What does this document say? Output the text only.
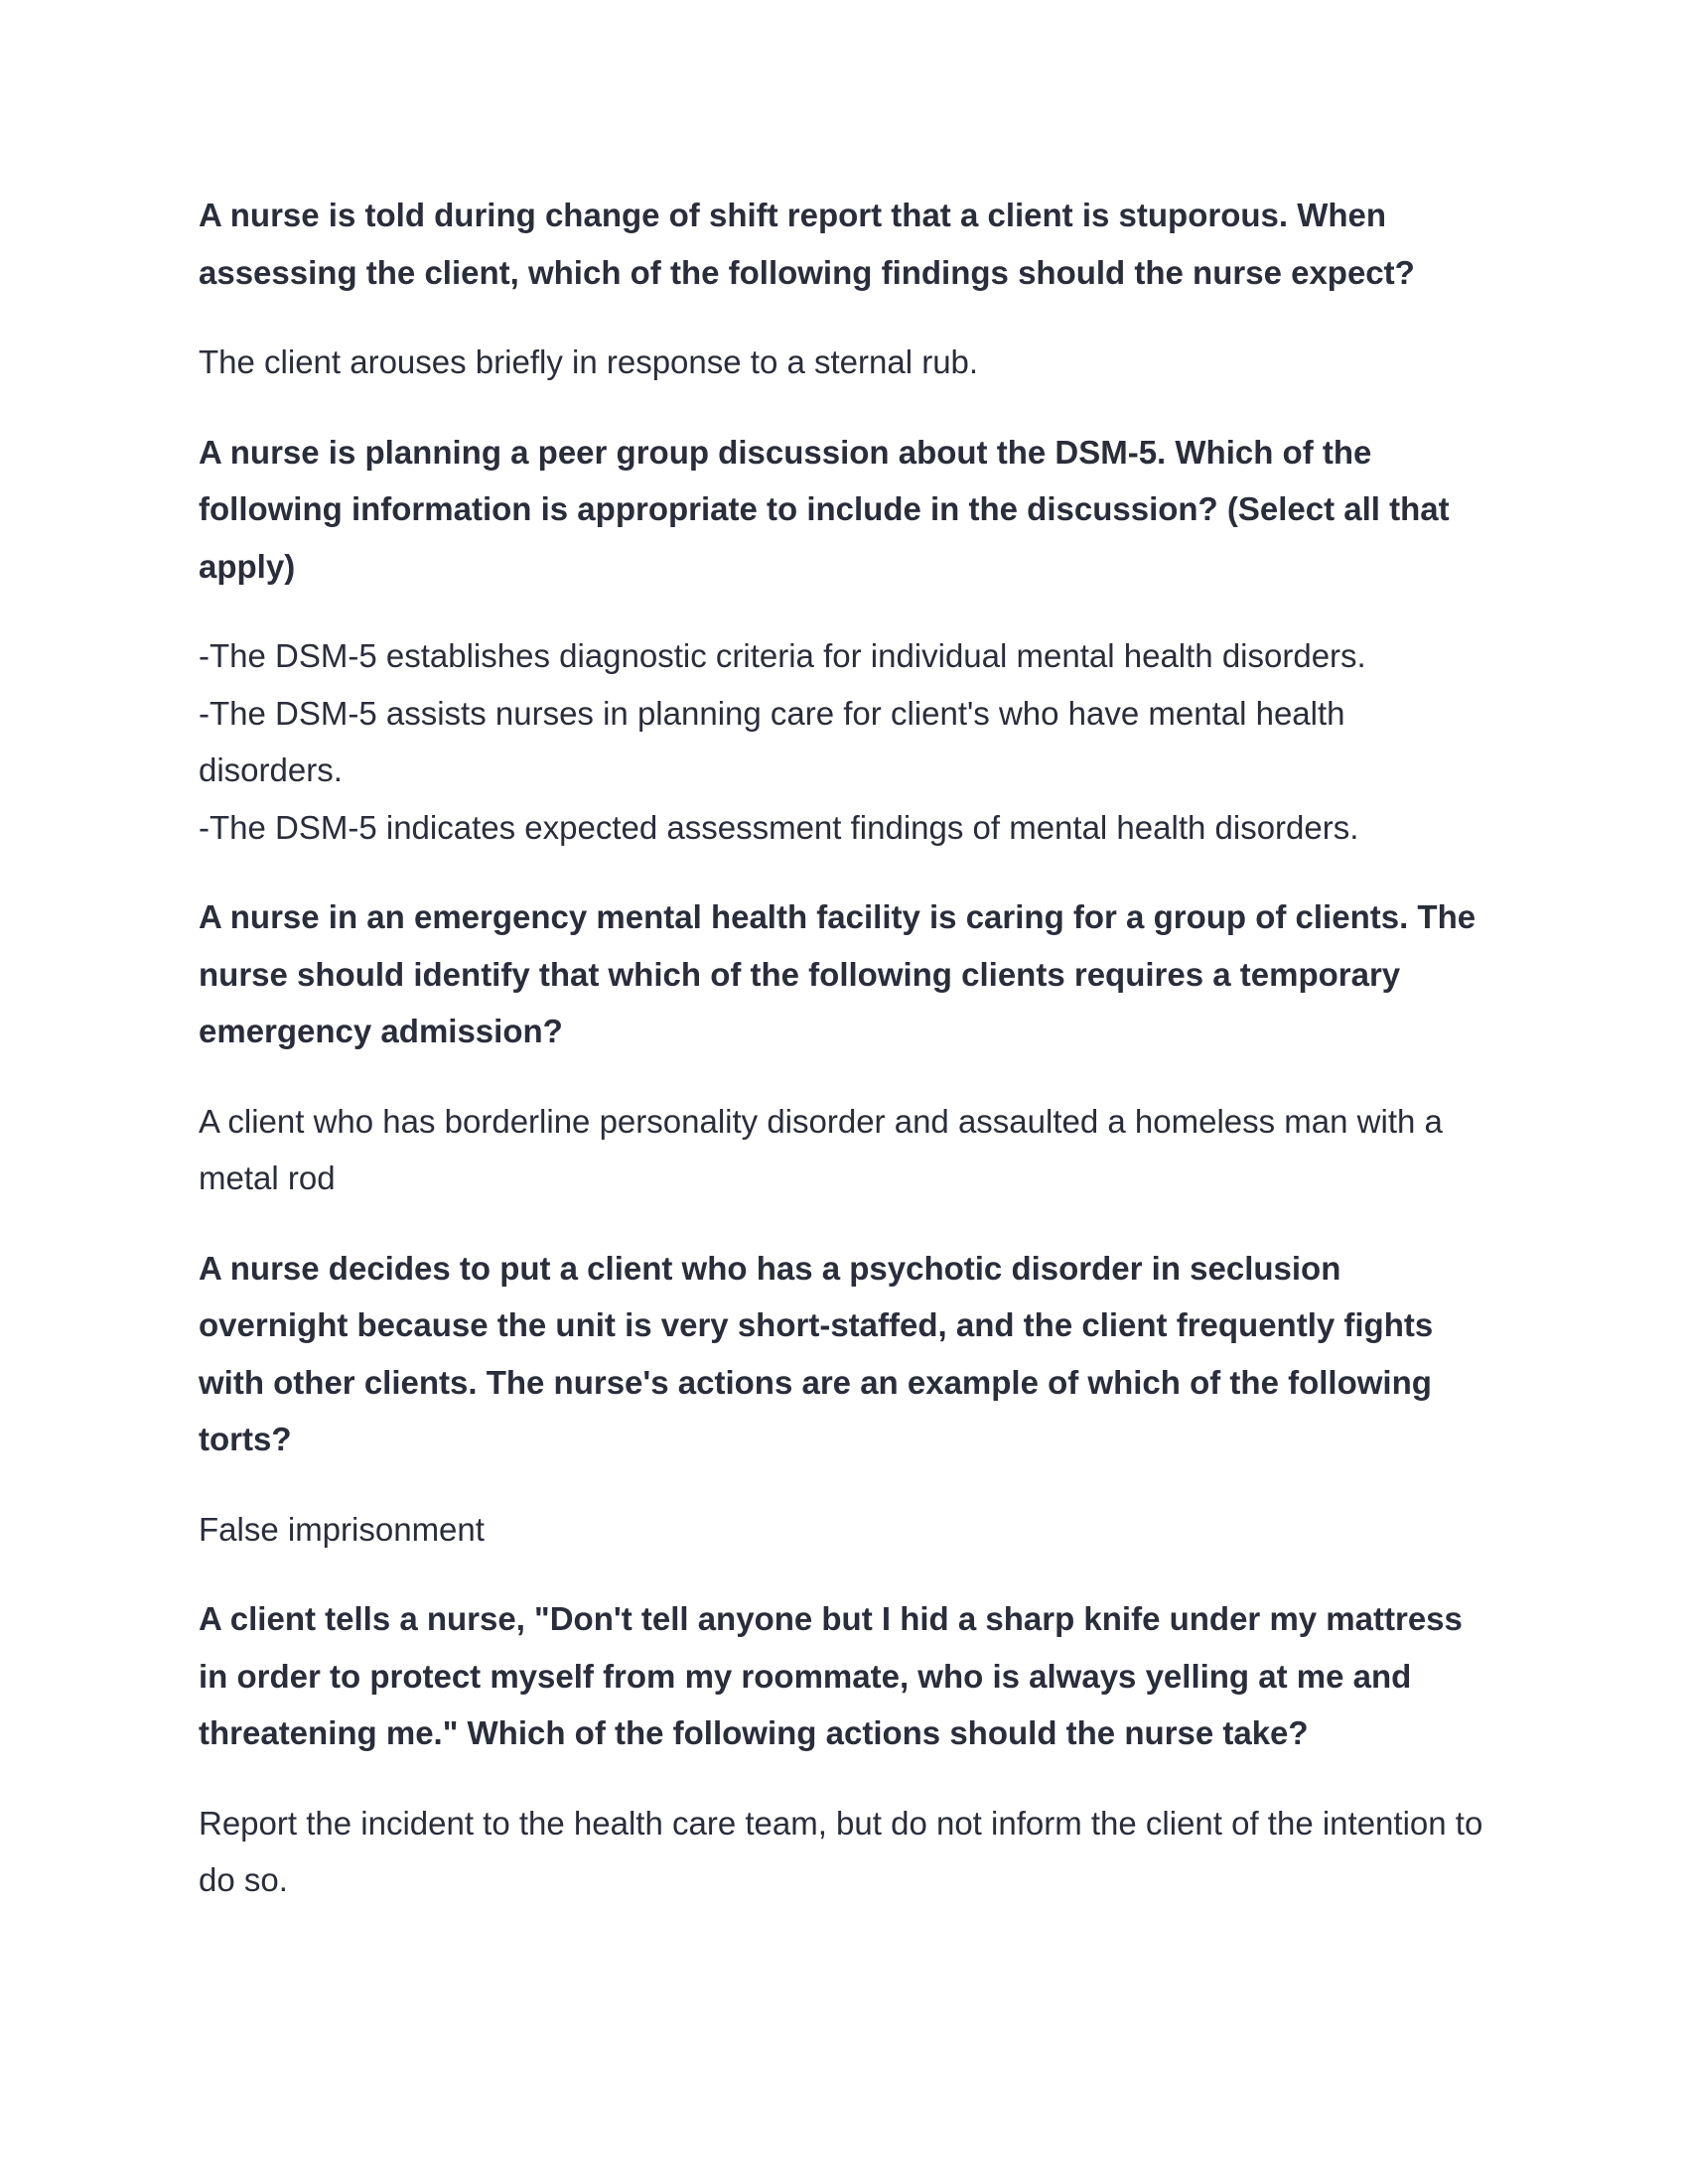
A nurse is told during change of shift report that a client is stuporous. When assessing the client, which of the following findings should the nurse expect?

The client arouses briefly in response to a sternal rub.

A nurse is planning a peer group discussion about the DSM-5. Which of the following information is appropriate to include in the discussion? (Select all that apply)

-The DSM-5 establishes diagnostic criteria for individual mental health disorders.
-The DSM-5 assists nurses in planning care for client's who have mental health disorders.
-The DSM-5 indicates expected assessment findings of mental health disorders.

A nurse in an emergency mental health facility is caring for a group of clients. The nurse should identify that which of the following clients requires a temporary emergency admission?

A client who has borderline personality disorder and assaulted a homeless man with a metal rod

A nurse decides to put a client who has a psychotic disorder in seclusion overnight because the unit is very short-staffed, and the client frequently fights with other clients. The nurse's actions are an example of which of the following torts?

False imprisonment

A client tells a nurse, "Don't tell anyone but I hid a sharp knife under my mattress in order to protect myself from my roommate, who is always yelling at me and threatening me." Which of the following actions should the nurse take?

Report the incident to the health care team, but do not inform the client of the intention to do so.
